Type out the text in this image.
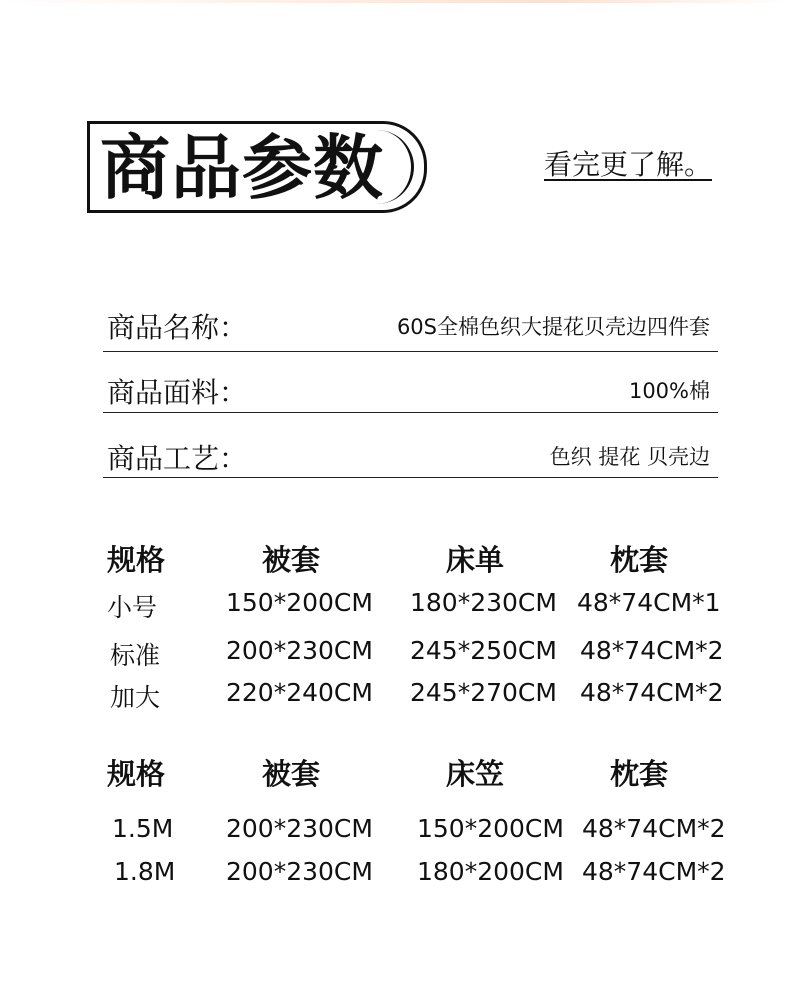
商品参数	看完更了解。
商品名称：	60S全棉色织大提花贝壳边四件套
商品面料：	100%棉
商品工艺：	色织 提花 贝壳边
规格	被套	床单	枕套
小号	150*200CM 180*230CM 48*74CM*1
标准	200*230CM 245*250CM 48*74CM*2
加大	220*240CM 245*270CM 48*74CM*2
规格	被套	床笠	枕套
1.5M 200*230CM 150*200CM 48*74CM*2
1.8M 200*230CM 180*200CM 48*74CM*2
